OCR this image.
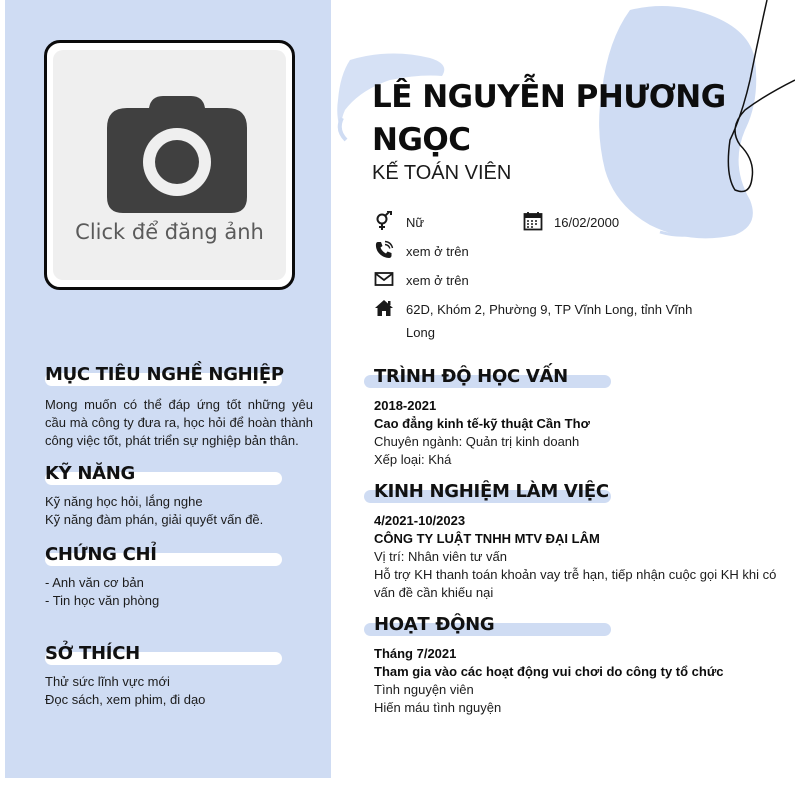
Click để đăng ảnh
MỤC TIÊU NGHỀ NGHIỆP
Mong muốn có thể đáp ứng tốt những yêu cầu mà công ty đưa ra, học hỏi để hoàn thành công việc tốt, phát triển sự nghiệp bản thân.
KỸ NĂNG
Kỹ năng học hỏi, lắng nghe
Kỹ năng đàm phán, giải quyết vấn đề.
CHỨNG CHỈ
- Anh văn cơ bản
- Tin học văn phòng
SỞ THÍCH
Thử sức lĩnh vực mới
Đọc sách, xem phim, đi dạo
LÊ NGUYỄN PHƯƠNG NGỌC
KẾ TOÁN VIÊN
Nữ	16/02/2000
xem ở trên
xem ở trên
62D, Khóm 2, Phường 9, TP Vĩnh Long, tỉnh Vĩnh Long
TRÌNH ĐỘ HỌC VẤN
2018-2021
Cao đẳng kinh tế-kỹ thuật Cần Thơ
Chuyên ngành: Quản trị kinh doanh
Xếp loại: Khá
KINH NGHIỆM LÀM VIỆC
4/2021-10/2023
CÔNG TY LUẬT TNHH MTV ĐẠI LÂM
Vị trí: Nhân viên tư vấn
Hỗ trợ KH thanh toán khoản vay trễ hạn, tiếp nhận cuộc gọi KH khi có vấn đề cần khiếu nại
HOẠT ĐỘNG
Tháng 7/2021
Tham gia vào các hoạt động vui chơi do công ty tổ chức
Tình nguyện viên
Hiến máu tình nguyện
